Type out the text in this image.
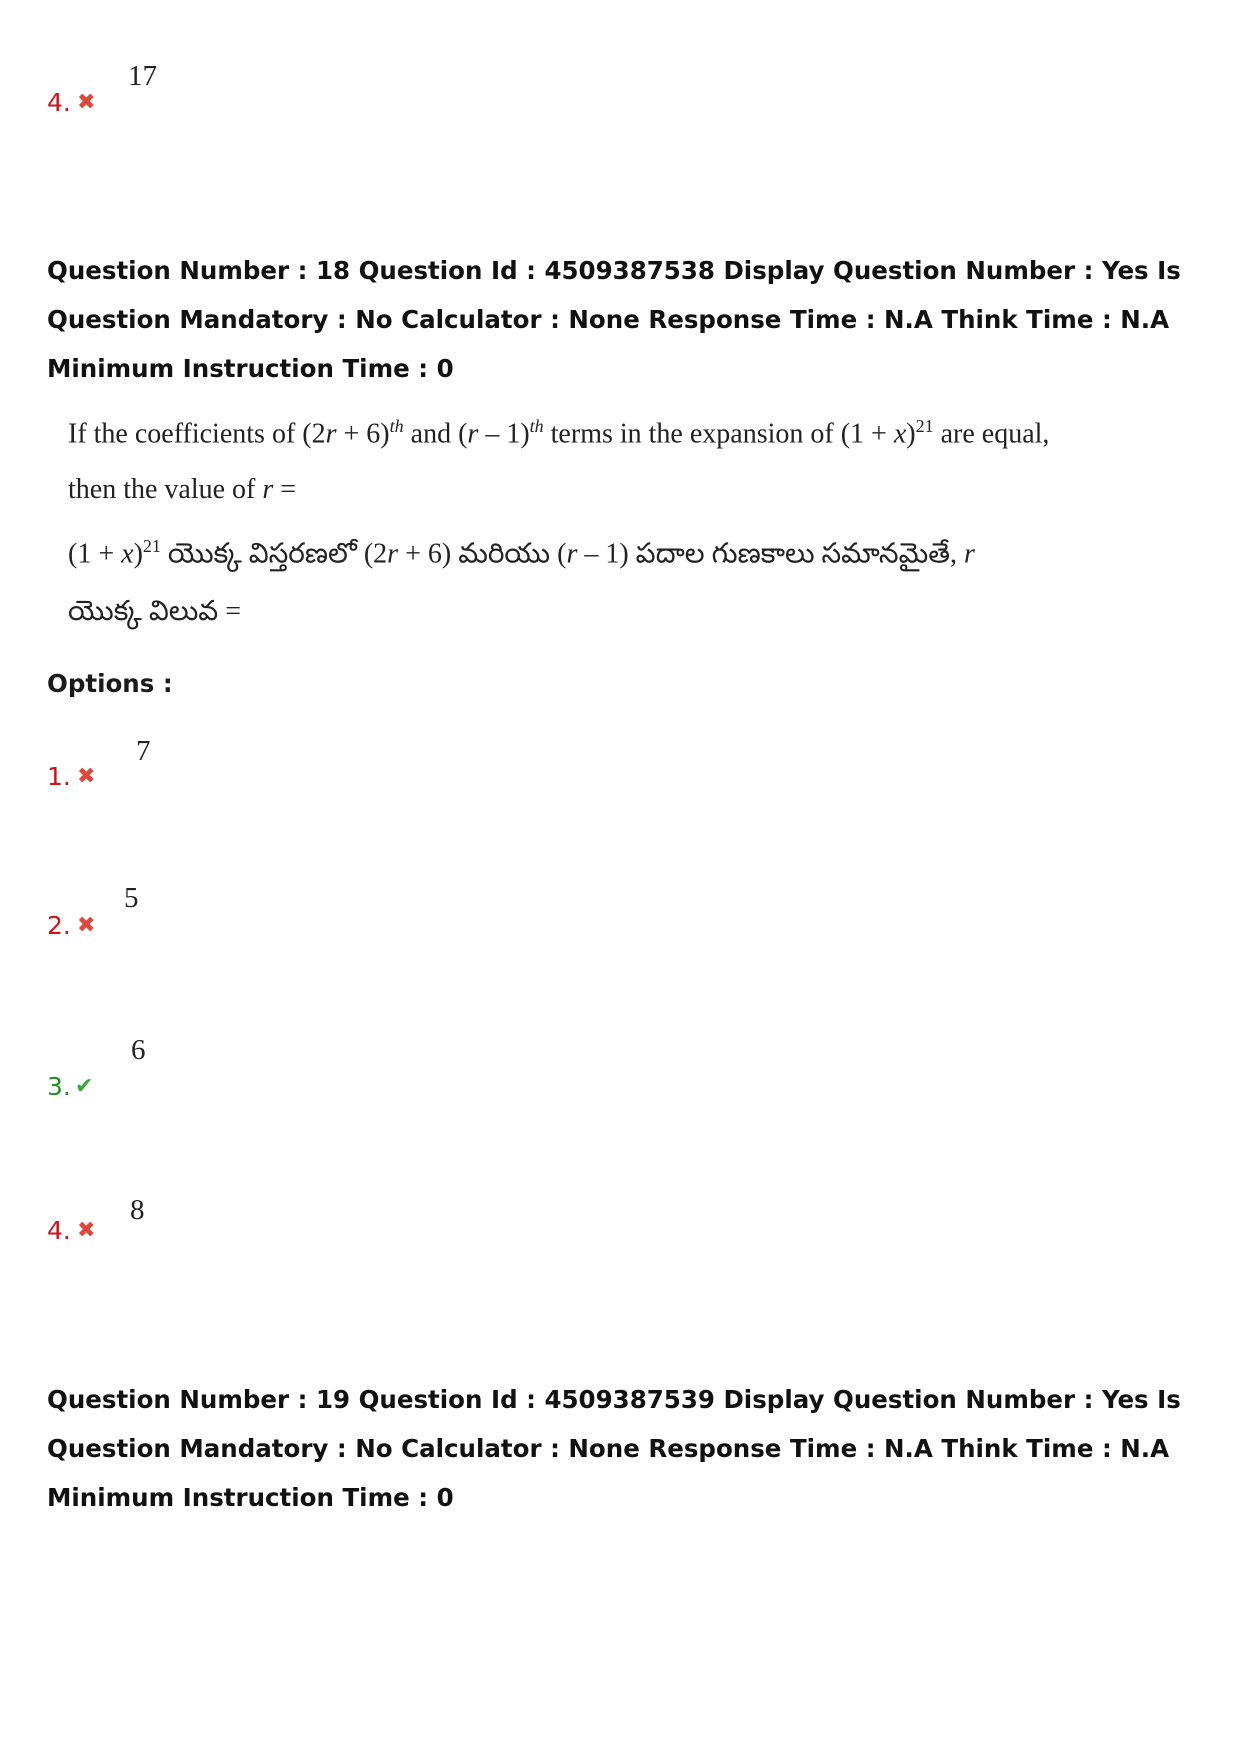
4. ✖
17
Question Number : 18 Question Id : 4509387538 Display Question Number : Yes Is Question Mandatory : No Calculator : None Response Time : N.A Think Time : N.A Minimum Instruction Time : 0
If the coefficients of $(2r + 6)^{th}$ and (r – 1)$^{th}$ terms in the expansion of $(1 + x)^{21}$ are equal,
then the value of r =
$(1 + x)^{21}$ యొక్క విస్తరణలో (2r + 6) మరియు (r – 1) పదాల గుణకాలు సమానమైతే, r
యొక్క విలువ =
Options :
1. ✖
7
2. ✖
5
3. ✔
6
4. ✖
8
Question Number : 19 Question Id : 4509387539 Display Question Number : Yes Is Question Mandatory : No Calculator : None Response Time : N.A Think Time : N.A Minimum Instruction Time : 0
